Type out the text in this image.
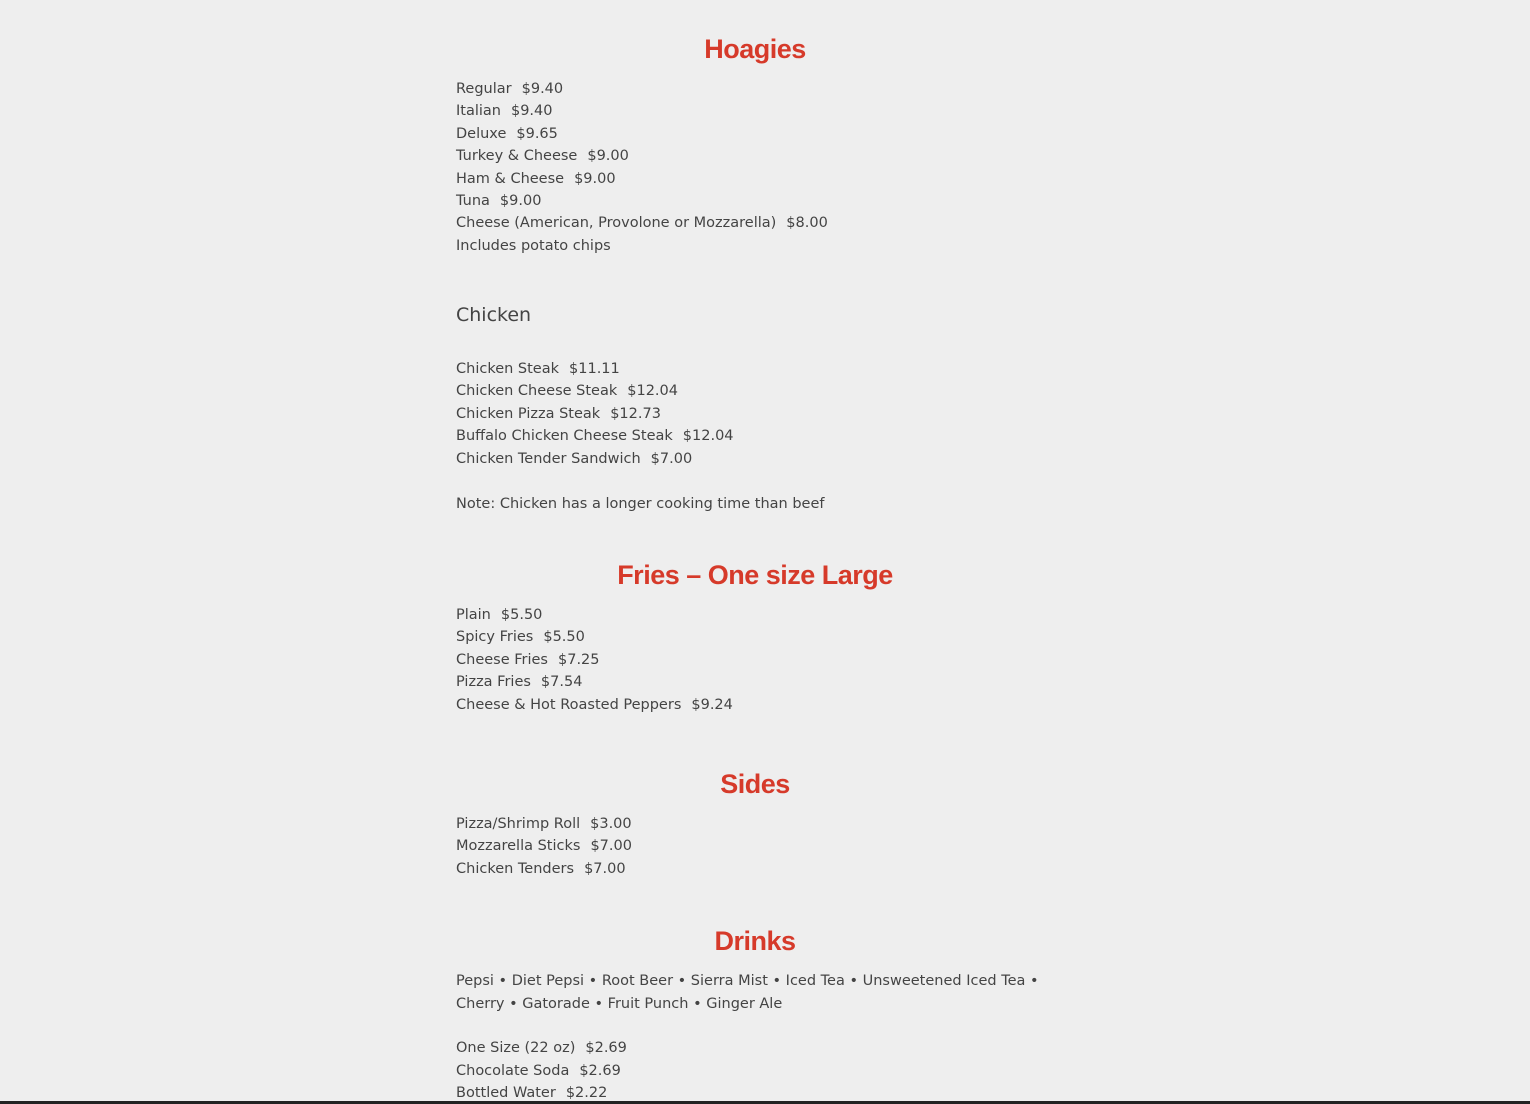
Hoagies
Regular $9.40
Italian $9.40
Deluxe $9.65
Turkey & Cheese $9.00
Ham & Cheese $9.00
Tuna $9.00
Cheese (American, Provolone or Mozzarella) $8.00
Includes potato chips
Chicken
Chicken Steak $11.11
Chicken Cheese Steak $12.04
Chicken Pizza Steak $12.73
Buffalo Chicken Cheese Steak $12.04
Chicken Tender Sandwich $7.00
Note: Chicken has a longer cooking time than beef
Fries – One size Large
Plain $5.50
Spicy Fries $5.50
Cheese Fries $7.25
Pizza Fries $7.54
Cheese & Hot Roasted Peppers $9.24
Sides
Pizza/Shrimp Roll $3.00
Mozzarella Sticks $7.00
Chicken Tenders $7.00
Drinks
Pepsi • Diet Pepsi • Root Beer • Sierra Mist • Iced Tea • Unsweetened Iced Tea • Cherry • Gatorade • Fruit Punch • Ginger Ale
One Size (22 oz) $2.69
Chocolate Soda $2.69
Bottled Water $2.22
